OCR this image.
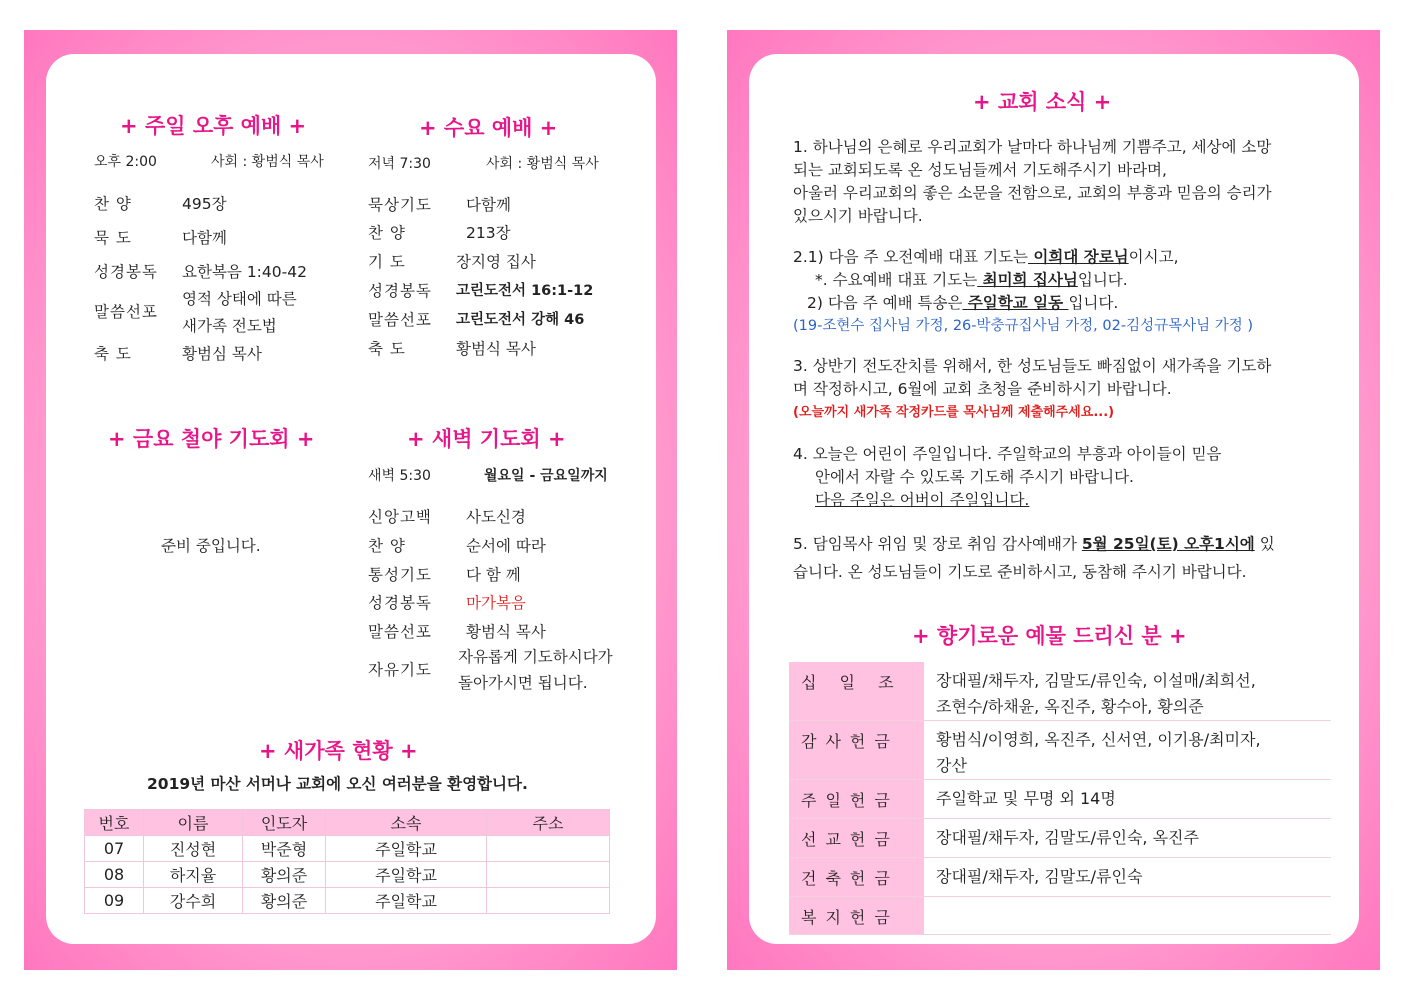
+ 주일 오후 예배 +
오후 2:00	사회 : 황범식 목사
찬 양	495장
묵 도	다함께
성경봉독 요한복음 1:40-42
말씀선포
영적 상태에 따른
새가족 전도법
축 도	황범심 목사
+ 수요 예배 +
저녁 7:30	사회 : 황범식 목사
묵상기도 다함께
찬 양	213장
기 도	장지영 집사
성경봉독 고린도전서 16:1-12
말씀선포 고린도전서 강해 46
축 도	황범식 목사
+ 금요 철야 기도회 +
준비 중입니다.
+ 새벽 기도회 +
새벽 5:30	월요일 - 금요일까지
신앙고백 사도신경
찬 양	순서에 따라
통성기도 다 함 께
성경봉독 마가복음
말씀선포 황범식 목사
자유기도
자유롭게 기도하시다가
돌아가시면 됩니다.
+ 새가족 현황 +
2019년 마산 서머나 교회에 오신 여러분을 환영합니다.
번호	이름	인도자	소속	주소
07	진성현	박준형	주일학교	
08	하지율	황의준	주일학교	
09	강수희	황의준	주일학교	
+ 교회 소식 +
1. 하나님의 은혜로 우리교회가 날마다 하나님께 기쁨주고, 세상에 소망
되는 교회되도록 온 성도님들께서 기도해주시기 바라며,
아울러 우리교회의 좋은 소문을 전함으로, 교회의 부흥과 믿음의 승리가
있으시기 바랍니다.
2.1) 다음 주 오전예배 대표 기도는 이희대 장로님이시고,
*. 수요예배 대표 기도는 최미희 집사님입니다.
2) 다음 주 예배 특송은 주일학교 일동 입니다.
(19-조현수 집사님 가정, 26-박충규집사님 가정, 02-김성규목사님 가정 )
3. 상반기 전도잔치를 위해서, 한 성도님들도 빠짐없이 새가족을 기도하
며 작정하시고, 6월에 교회 초청을 준비하시기 바랍니다.
(오늘까지 새가족 작정카드를 목사님께 제출해주세요...)
4. 오늘은 어린이 주일입니다. 주일학교의 부흥과 아이들이 믿음
안에서 자랄 수 있도록 기도해 주시기 바랍니다.
다음 주일은 어버이 주일입니다.
5. 담임목사 위임 및 장로 취임 감사예배가 5월 25일(토) 오후1시에 있
습니다. 온 성도님들이 기도로 준비하시고, 동참해 주시기 바랍니다.
+ 향기로운 예물 드리신 분 +
십 일 조	장대필/채두자, 김말도/류인숙, 이설매/최희선,
조현수/하채윤, 옥진주, 황수아, 황의준

감사헌금	황범식/이영희, 옥진주, 신서연, 이기용/최미자,
강산

주일헌금	주일학교 및 무명 외 14명
선교헌금	장대필/채두자, 김말도/류인숙, 옥진주
건축헌금	장대필/채두자, 김말도/류인숙
복지헌금	
